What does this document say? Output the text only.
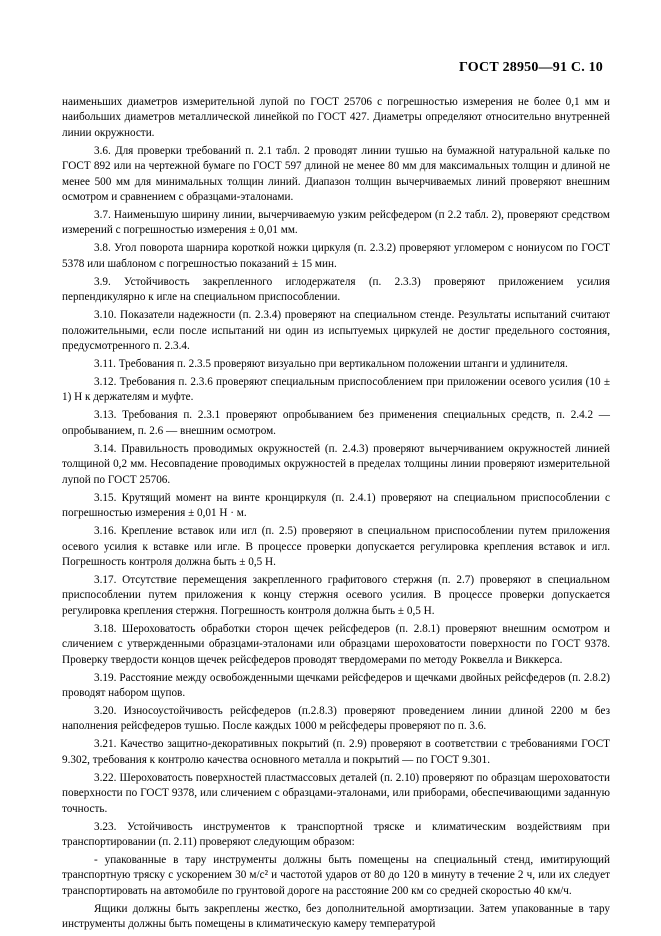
ГОСТ 28950—91 С. 10

наименьших диаметров измерительной лупой по ГОСТ 25706 с погрешностью измерения не более 0,1 мм и наибольших диаметров металлической линейкой по ГОСТ 427. Диаметры определяют относительно внутренней линии окружности.

3.6. Для проверки требований п. 2.1 табл. 2 проводят линии тушью на бумажной натуральной кальке по ГОСТ 892 или на чертежной бумаге по ГОСТ 597 длиной не менее 80 мм для максимальных толщин и длиной не менее 500 мм для минимальных толщин линий. Диапазон толщин вычерчиваемых линий проверяют внешним осмотром и сравнением с образцами-эталонами.

3.7. Наименьшую ширину линии, вычерчиваемую узким рейсфедером (п 2.2 табл. 2), проверяют средством измерений с погрешностью измерения ± 0,01 мм.

3.8. Угол поворота шарнира короткой ножки циркуля (п. 2.3.2) проверяют угломером с нониусом по ГОСТ 5378 или шаблоном с погрешностью показаний ± 15 мин.

3.9. Устойчивость закрепленного иглодержателя (п. 2.3.3) проверяют приложением усилия перпендикулярно к игле на специальном приспособлении.

3.10. Показатели надежности (п. 2.3.4) проверяют на специальном стенде. Результаты испытаний считают положительными, если после испытаний ни один из испытуемых циркулей не достиг предельного состояния, предусмотренного п. 2.3.4.

3.11. Требования п. 2.3.5 проверяют визуально при вертикальном положении штанги и удлинителя.

3.12. Требования п. 2.3.6 проверяют специальным приспособлением при приложении осевого усилия (10 ± 1) Н к держателям и муфте.

3.13. Требования п. 2.3.1 проверяют опробыванием без применения специальных средств, п. 2.4.2 — опробыванием, п. 2.6 — внешним осмотром.

3.14. Правильность проводимых окружностей (п. 2.4.3) проверяют вычерчиванием окружностей линией толщиной 0,2 мм. Несовпадение проводимых окружностей в пределах толщины линии проверяют измерительной лупой по ГОСТ 25706.

3.15. Крутящий момент на винте кронциркуля (п. 2.4.1) проверяют на специальном приспособлении с погрешностью измерения ± 0,01 Н · м.

3.16. Крепление вставок или игл (п. 2.5) проверяют в специальном приспособлении путем приложения осевого усилия к вставке или игле. В процессе проверки допускается регулировка крепления вставок и игл. Погрешность контроля должна быть ± 0,5 Н.

3.17. Отсутствие перемещения закрепленного графитового стержня (п. 2.7) проверяют в специальном приспособлении путем приложения к концу стержня осевого усилия. В процессе проверки допускается регулировка крепления стержня. Погрешность контроля должна быть ± 0,5 Н.

3.18. Шероховатость обработки сторон щечек рейсфедеров (п. 2.8.1) проверяют внешним осмотром и сличением с утвержденными образцами-эталонами или образцами шероховатости поверхности по ГОСТ 9378. Проверку твердости концов щечек рейсфедеров проводят твердомерами по методу Роквелла и Виккерса.

3.19. Расстояние между освобожденными щечками рейсфедеров и щечками двойных рейсфедеров (п. 2.8.2) проводят набором щупов.

3.20. Износоустойчивость рейсфедеров (п.2.8.3) проверяют проведением линии длиной 2200 м без наполнения рейсфедеров тушью. После каждых 1000 м рейсфедеры проверяют по п. 3.6.

3.21. Качество защитно-декоративных покрытий (п. 2.9) проверяют в соответствии с требованиями ГОСТ 9.302, требования к контролю качества основного металла и покрытий — по ГОСТ 9.301.

3.22. Шероховатость поверхностей пластмассовых деталей (п. 2.10) проверяют по образцам шероховатости поверхности по ГОСТ 9378, или сличением с образцами-эталонами, или приборами, обеспечивающими заданную точность.

3.23. Устойчивость инструментов к транспортной тряске и климатическим воздействиям при транспортировании (п. 2.11) проверяют следующим образом:

- упакованные в тару инструменты должны быть помещены на специальный стенд, имитирующий транспортную тряску с ускорением 30 м/с² и частотой ударов от 80 до 120 в минуту в течение 2 ч, или их следует транспортировать на автомобиле по грунтовой дороге на расстояние 200 км со средней скоростью 40 км/ч.

Ящики должны быть закреплены жестко, без дополнительной амортизации. Затем упакованные в тару инструменты должны быть помещены в климатическую камеру температурой
